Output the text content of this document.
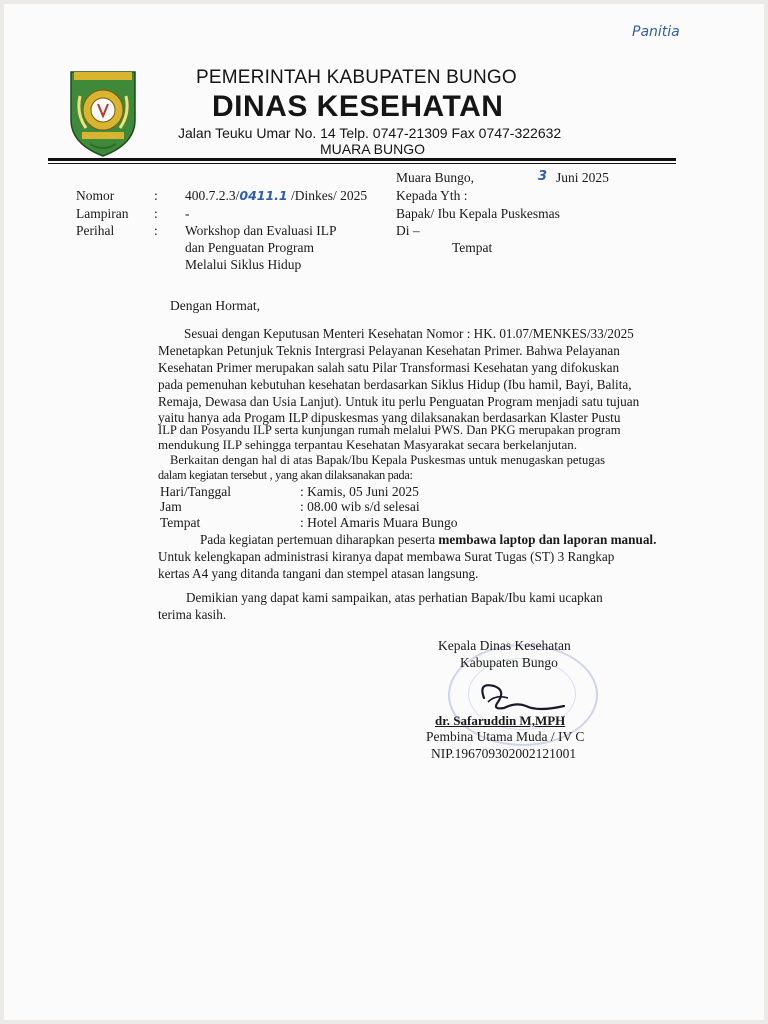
Panitia
PEMERINTAH KABUPATEN BUNGO
DINAS KESEHATAN
Jalan Teuku Umar No. 14 Telp. 0747-21309 Fax 0747-322632
MUARA BUNGO
Muara Bungo,	3 Juni 2025
Nomor	: 400.7.2.3/0411.1 /Dinkes/ 2025
Lampiran : -
Perihal	: Workshop dan Evaluasi ILP
dan Penguatan Program
Melalui Siklus Hidup
Kepada Yth :
Bapak/ Ibu Kepala Puskesmas
Di –
Tempat
Dengan Hormat,
Sesuai dengan Keputusan Menteri Kesehatan Nomor : HK. 01.07/MENKES/33/2025
Menetapkan Petunjuk Teknis Intergrasi Pelayanan Kesehatan Primer. Bahwa Pelayanan
Kesehatan Primer merupakan salah satu Pilar Transformasi Kesehatan yang difokuskan
pada pemenuhan kebutuhan kesehatan berdasarkan Siklus Hidup (Ibu hamil, Bayi, Balita,
Remaja, Dewasa dan Usia Lanjut). Untuk itu perlu Penguatan Program menjadi satu tujuan
yaitu hanya ada Progam ILP dipuskesmas yang dilaksanakan berdasarkan Klaster Pustu
ILP dan Posyandu ILP serta kunjungan rumah melalui PWS. Dan PKG merupakan program
mendukung ILP sehingga terpantau Kesehatan Masyarakat secara berkelanjutan.
Berkaitan dengan hal di atas Bapak/Ibu Kepala Puskesmas untuk menugaskan petugas
dalam kegiatan tersebut , yang akan dilaksanakan pada:
Hari/Tanggal	: Kamis, 05 Juni 2025
Jam	: 08.00 wib s/d selesai
Tempat	: Hotel Amaris Muara Bungo
Pada kegiatan pertemuan diharapkan peserta membawa laptop dan laporan manual.
Untuk kelengkapan administrasi kiranya dapat membawa Surat Tugas (ST) 3 Rangkap
kertas A4 yang ditanda tangani dan stempel atasan langsung.
Demikian yang dapat kami sampaikan, atas perhatian Bapak/Ibu kami ucapkan
terima kasih.
Kepala Dinas Kesehatan
Kabupaten Bungo
dr. Safaruddin M,MPH
Pembina Utama Muda / IV C
NIP.196709302002121001
